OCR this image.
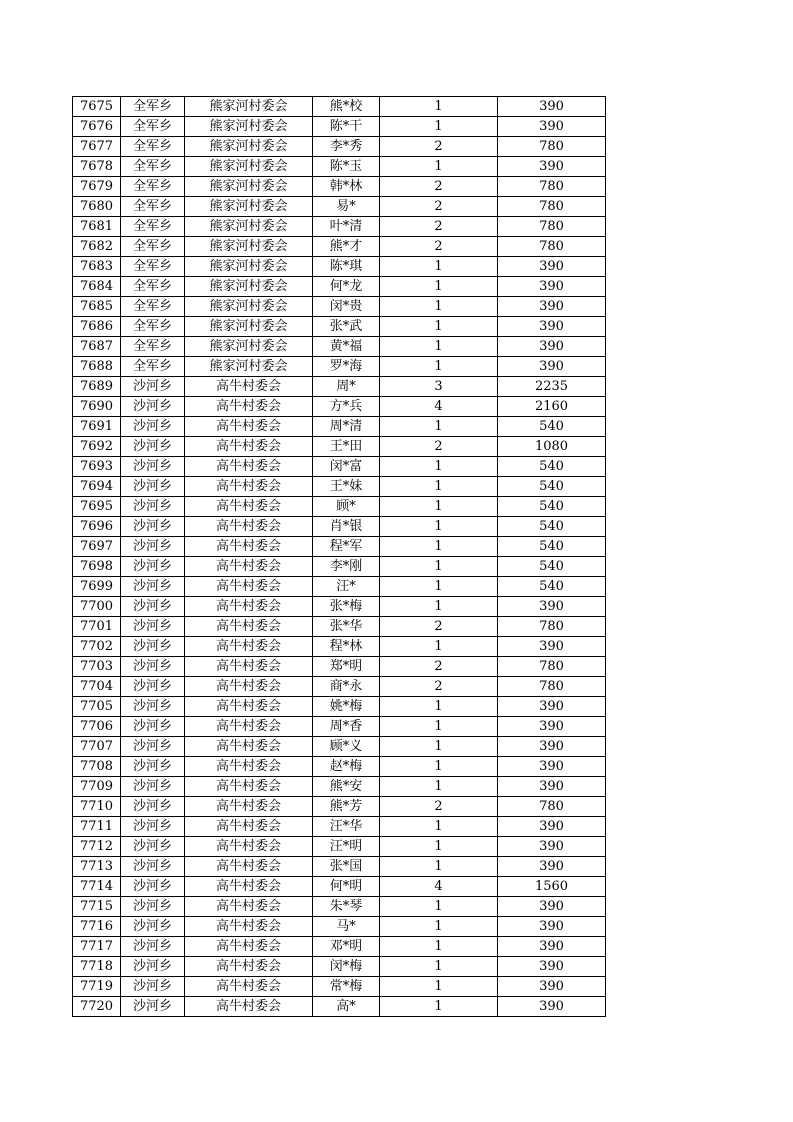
7675	全军乡	熊家河村委会	熊*校	1	390
7676	全军乡	熊家河村委会	陈*干	1	390
7677	全军乡	熊家河村委会	李*秀	2	780
7678	全军乡	熊家河村委会	陈*玉	1	390
7679	全军乡	熊家河村委会	韩*林	2	780
7680	全军乡	熊家河村委会	易*	2	780
7681	全军乡	熊家河村委会	叶*清	2	780
7682	全军乡	熊家河村委会	熊*才	2	780
7683	全军乡	熊家河村委会	陈*琪	1	390
7684	全军乡	熊家河村委会	何*龙	1	390
7685	全军乡	熊家河村委会	闵*贵	1	390
7686	全军乡	熊家河村委会	张*武	1	390
7687	全军乡	熊家河村委会	黄*福	1	390
7688	全军乡	熊家河村委会	罗*海	1	390
7689	沙河乡	高牛村委会	周*	3	2235
7690	沙河乡	高牛村委会	方*兵	4	2160
7691	沙河乡	高牛村委会	周*清	1	540
7692	沙河乡	高牛村委会	王*田	2	1080
7693	沙河乡	高牛村委会	闵*富	1	540
7694	沙河乡	高牛村委会	王*妹	1	540
7695	沙河乡	高牛村委会	顾*	1	540
7696	沙河乡	高牛村委会	肖*银	1	540
7697	沙河乡	高牛村委会	程*军	1	540
7698	沙河乡	高牛村委会	李*刚	1	540
7699	沙河乡	高牛村委会	汪*	1	540
7700	沙河乡	高牛村委会	张*梅	1	390
7701	沙河乡	高牛村委会	张*华	2	780
7702	沙河乡	高牛村委会	程*林	1	390
7703	沙河乡	高牛村委会	郑*明	2	780
7704	沙河乡	高牛村委会	商*永	2	780
7705	沙河乡	高牛村委会	姚*梅	1	390
7706	沙河乡	高牛村委会	周*香	1	390
7707	沙河乡	高牛村委会	顾*义	1	390
7708	沙河乡	高牛村委会	赵*梅	1	390
7709	沙河乡	高牛村委会	熊*安	1	390
7710	沙河乡	高牛村委会	熊*芳	2	780
7711	沙河乡	高牛村委会	汪*华	1	390
7712	沙河乡	高牛村委会	汪*明	1	390
7713	沙河乡	高牛村委会	张*国	1	390
7714	沙河乡	高牛村委会	何*明	4	1560
7715	沙河乡	高牛村委会	朱*琴	1	390
7716	沙河乡	高牛村委会	马*	1	390
7717	沙河乡	高牛村委会	邓*明	1	390
7718	沙河乡	高牛村委会	闵*梅	1	390
7719	沙河乡	高牛村委会	常*梅	1	390
7720	沙河乡	高牛村委会	高*	1	390
